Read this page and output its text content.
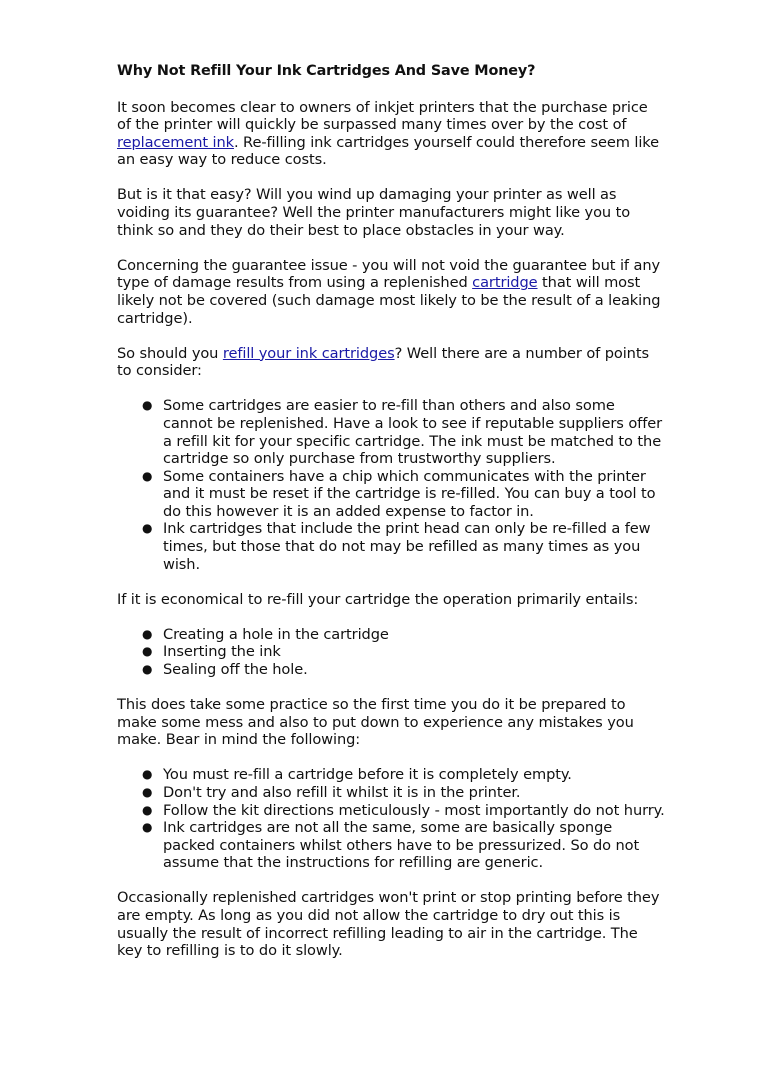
Why Not Refill Your Ink Cartridges And Save Money?

It soon becomes clear to owners of inkjet printers that the purchase price of the printer will quickly be surpassed many times over by the cost of replacement ink. Re-filling ink cartridges yourself could therefore seem like an easy way to reduce costs.

But is it that easy? Will you wind up damaging your printer as well as voiding its guarantee? Well the printer manufacturers might like you to think so and they do their best to place obstacles in your way.

Concerning the guarantee issue - you will not void the guarantee but if any type of damage results from using a replenished cartridge that will most likely not be covered (such damage most likely to be the result of a leaking cartridge).

So should you refill your ink cartridges? Well there are a number of points to consider:

● Some cartridges are easier to re-fill than others and also some cannot be replenished. Have a look to see if reputable suppliers offer a refill kit for your specific cartridge. The ink must be matched to the cartridge so only purchase from trustworthy suppliers.
● Some containers have a chip which communicates with the printer and it must be reset if the cartridge is re-filled. You can buy a tool to do this however it is an added expense to factor in.
● Ink cartridges that include the print head can only be re-filled a few times, but those that do not may be refilled as many times as you wish.

If it is economical to re-fill your cartridge the operation primarily entails:

● Creating a hole in the cartridge
● Inserting the ink
● Sealing off the hole.

This does take some practice so the first time you do it be prepared to make some mess and also to put down to experience any mistakes you make. Bear in mind the following:

● You must re-fill a cartridge before it is completely empty.
● Don't try and also refill it whilst it is in the printer.
● Follow the kit directions meticulously - most importantly do not hurry.
● Ink cartridges are not all the same, some are basically sponge packed containers whilst others have to be pressurized. So do not assume that the instructions for refilling are generic.

Occasionally replenished cartridges won't print or stop printing before they are empty. As long as you did not allow the cartridge to dry out this is usually the result of incorrect refilling leading to air in the cartridge. The key to refilling is to do it slowly.
